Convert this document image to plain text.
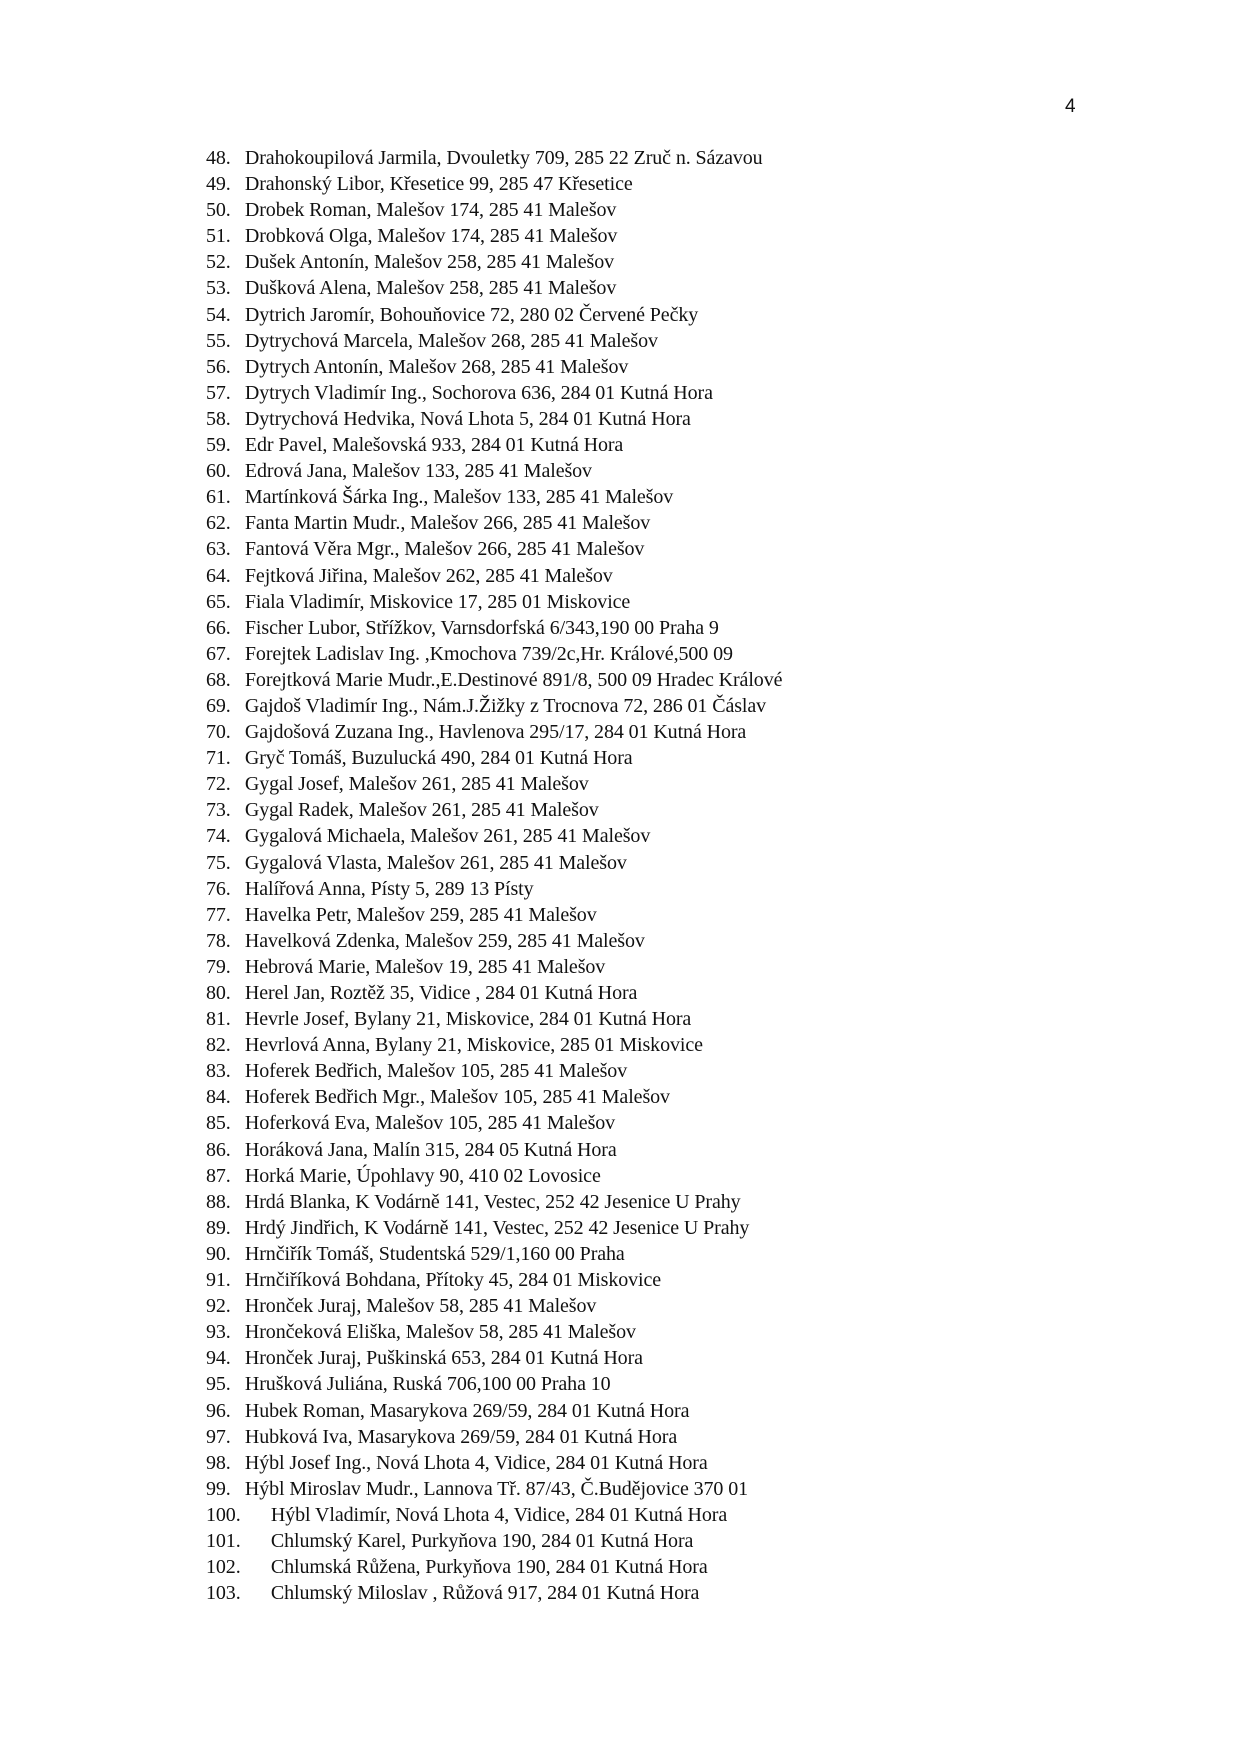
4
48. Drahokoupilová Jarmila, Dvouletky 709, 285 22 Zruč n. Sázavou
49. Drahonský Libor, Křesetice 99, 285 47 Křesetice
50. Drobek Roman, Malešov 174, 285 41 Malešov
51. Drobková Olga, Malešov 174, 285 41 Malešov
52. Dušek Antonín, Malešov 258, 285 41 Malešov
53. Dušková Alena, Malešov 258, 285 41 Malešov
54. Dytrich Jaromír, Bohouňovice 72, 280 02 Červené Pečky
55. Dytrychová Marcela, Malešov 268, 285 41 Malešov
56. Dytrych Antonín, Malešov 268, 285 41 Malešov
57. Dytrych Vladimír Ing., Sochorova 636, 284 01 Kutná Hora
58. Dytrychová Hedvika, Nová Lhota 5, 284 01 Kutná Hora
59. Edr Pavel, Malešovská 933, 284 01 Kutná Hora
60. Edrová Jana, Malešov 133, 285 41 Malešov
61. Martínková Šárka Ing., Malešov 133, 285 41 Malešov
62. Fanta Martin Mudr., Malešov 266, 285 41 Malešov
63. Fantová Věra Mgr., Malešov 266, 285 41 Malešov
64. Fejtková Jiřina, Malešov 262, 285 41 Malešov
65. Fiala Vladimír, Miskovice 17, 285 01 Miskovice
66. Fischer Lubor, Střížkov, Varnsdorfská 6/343,190 00 Praha 9
67. Forejtek Ladislav Ing. ,Kmochova 739/2c,Hr. Králové,500 09
68. Forejtková Marie Mudr.,E.Destinové 891/8, 500 09 Hradec Králové
69. Gajdoš Vladimír Ing., Nám.J.Žižky z Trocnova 72, 286 01 Čáslav
70. Gajdošová Zuzana Ing., Havlenova 295/17, 284 01 Kutná Hora
71. Gryč Tomáš, Buzulucká 490, 284 01 Kutná Hora
72. Gygal Josef, Malešov 261, 285 41 Malešov
73. Gygal Radek, Malešov 261, 285 41 Malešov
74. Gygalová Michaela, Malešov 261, 285 41 Malešov
75. Gygalová Vlasta, Malešov 261, 285 41 Malešov
76. Halířová Anna, Písty 5, 289 13 Písty
77. Havelka Petr, Malešov 259, 285 41 Malešov
78. Havelková Zdenka, Malešov 259, 285 41 Malešov
79. Hebrová Marie, Malešov 19, 285 41 Malešov
80. Herel Jan, Roztěž 35, Vidice , 284 01 Kutná Hora
81. Hevrle Josef, Bylany 21, Miskovice, 284 01 Kutná Hora
82. Hevrlová Anna, Bylany 21, Miskovice, 285 01 Miskovice
83. Hoferek Bedřich, Malešov 105, 285 41 Malešov
84. Hoferek Bedřich Mgr., Malešov 105, 285 41 Malešov
85. Hoferková Eva, Malešov 105, 285 41 Malešov
86. Horáková Jana, Malín 315, 284 05 Kutná Hora
87. Horká Marie, Úpohlavy 90, 410 02 Lovosice
88. Hrdá Blanka, K Vodárně 141, Vestec, 252 42 Jesenice U Prahy
89. Hrdý Jindřich, K Vodárně 141, Vestec, 252 42 Jesenice U Prahy
90. Hrnčiřík Tomáš, Studentská 529/1,160 00 Praha
91. Hrnčiříková Bohdana, Přítoky 45, 284 01 Miskovice
92. Hronček Juraj, Malešov 58, 285 41 Malešov
93. Hrončeková Eliška, Malešov 58, 285 41 Malešov
94. Hronček Juraj, Puškinská 653, 284 01 Kutná Hora
95. Hrušková Juliána, Ruská 706,100 00 Praha 10
96. Hubek Roman, Masarykova 269/59, 284 01 Kutná Hora
97. Hubková Iva, Masarykova 269/59, 284 01 Kutná Hora
98. Hýbl Josef Ing., Nová Lhota 4, Vidice, 284 01 Kutná Hora
99. Hýbl Miroslav Mudr., Lannova Tř. 87/43, Č.Budějovice 370 01
100. Hýbl Vladimír, Nová Lhota 4, Vidice, 284 01 Kutná Hora
101. Chlumský Karel, Purkyňova 190, 284 01 Kutná Hora
102. Chlumská Růžena, Purkyňova 190, 284 01 Kutná Hora
103. Chlumský Miloslav , Růžová 917, 284 01 Kutná Hora
